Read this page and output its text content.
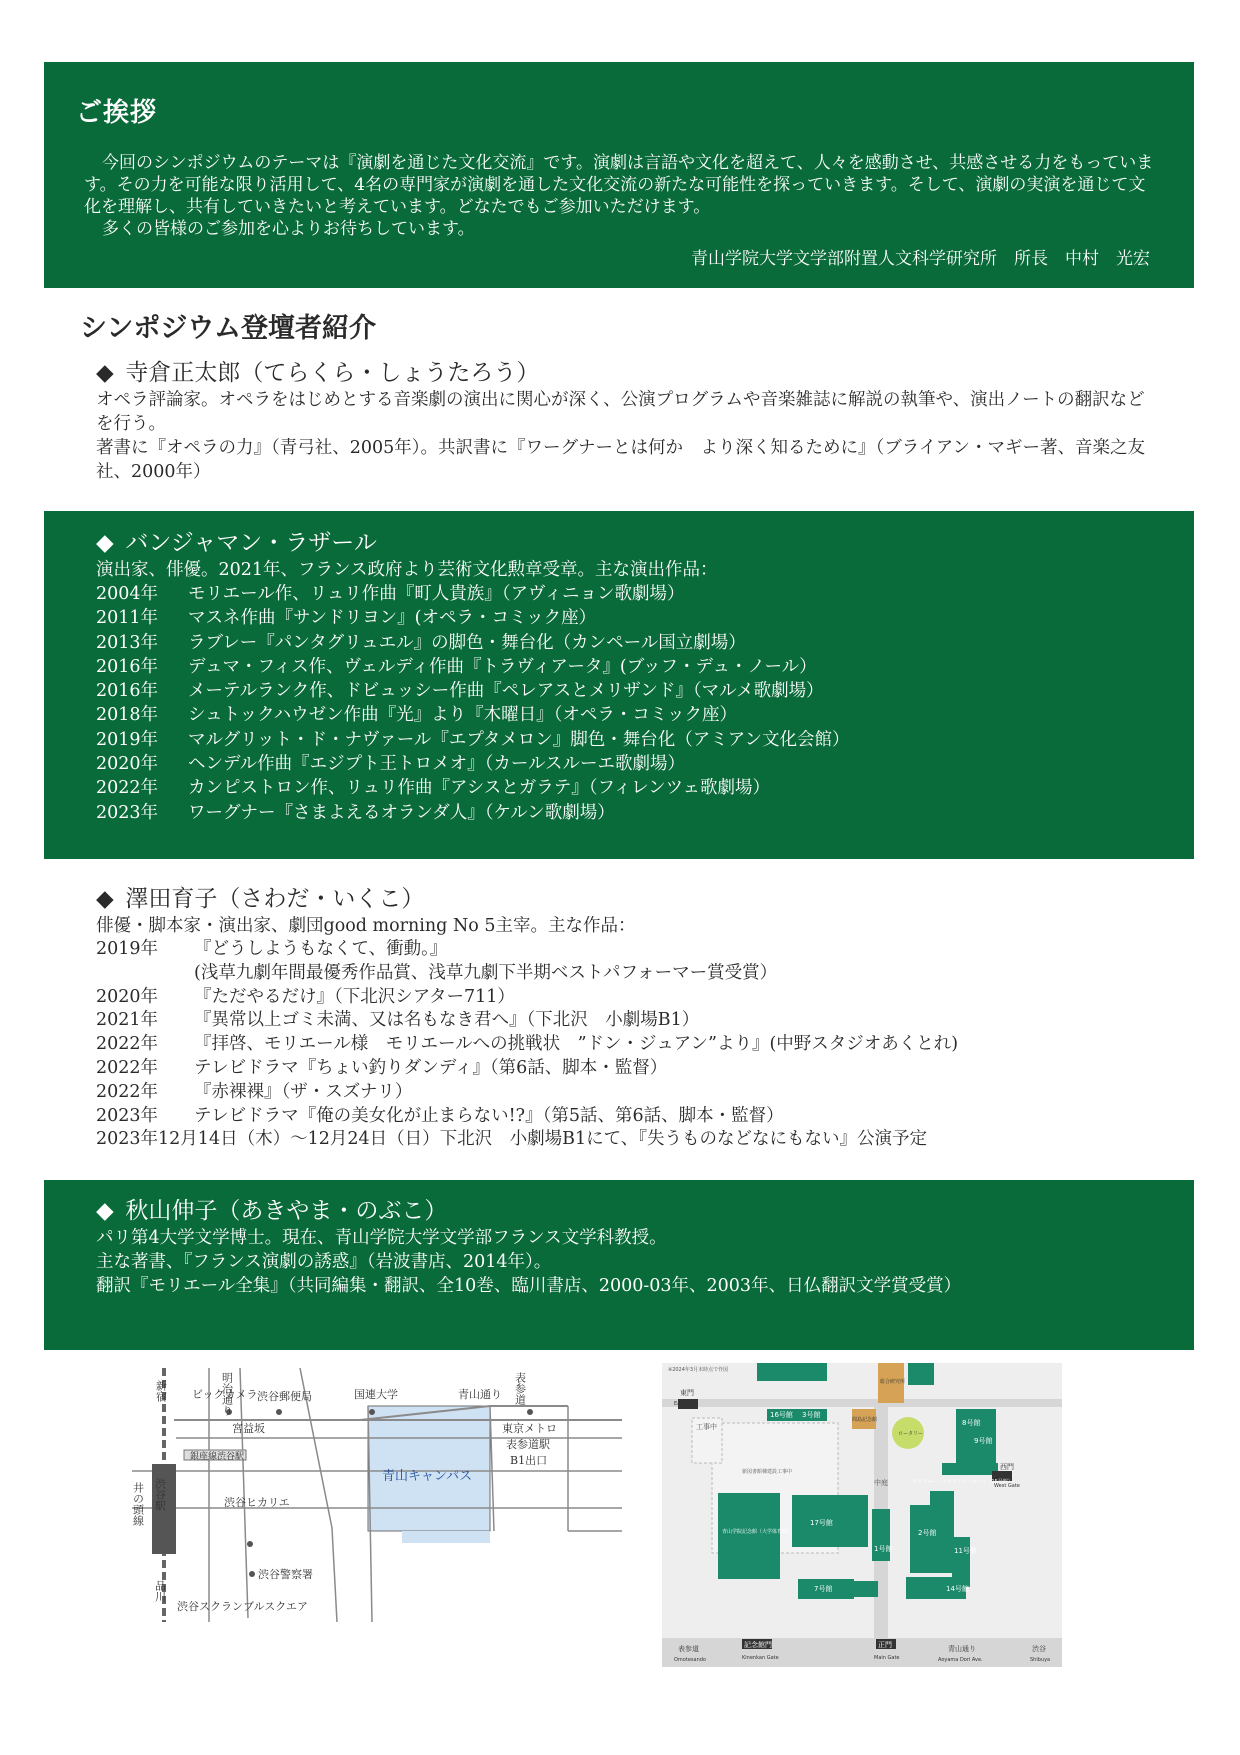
ご挨拶

今回のシンポジウムのテーマは『演劇を通じた文化交流』です。演劇は言語や文化を超えて、人々を感動させ、共感させる力をもっています。その力を可能な限り活用して、4名の専門家が演劇を通した文化交流の新たな可能性を探っていきます。そして、演劇の実演を通じて文化を理解し、共有していきたいと考えています。どなたでもご参加いただけます。

多くの皆様のご参加を心よりお待ちしています。

青山学院大学文学部附置人文科学研究所　所長　中村　光宏
シンポジウム登壇者紹介
◆ 寺倉正太郎（てらくら・しょうたろう）

オペラ評論家。オペラをはじめとする音楽劇の演出に関心が深く、公演プログラムや音楽雑誌に解説の執筆や、演出ノートの翻訳などを行う。

著書に『オペラの力』（青弓社、2005年）。共訳書に『ワーグナーとは何か　より深く知るために』（ブライアン・マギー著、音楽之友社、2000年）

◆ バンジャマン・ラザール

演出家、俳優。2021年、フランス政府より芸術文化勲章受章。主な演出作品：

2004年 モリエール作、リュリ作曲『町人貴族』（アヴィニョン歌劇場）
2011年 マスネ作曲『サンドリヨン』(オペラ・コミック座）
2013年 ラブレー『パンタグリュエル』の脚色・舞台化（カンペール国立劇場）
2016年 デュマ・フィス作、ヴェルディ作曲『トラヴィアータ』(ブッフ・デュ・ノール）
2016年 メーテルランク作、ドビュッシー作曲『ペレアスとメリザンド』（マルメ歌劇場）
2018年 シュトックハウゼン作曲『光』より『木曜日』（オペラ・コミック座）
2019年 マルグリット・ド・ナヴァール『エプタメロン』脚色・舞台化（アミアン文化会館）
2020年 ヘンデル作曲『エジプト王トロメオ』（カールスルーエ歌劇場）
2022年 カンピストロン作、リュリ作曲『アシスとガラテ』（フィレンツェ歌劇場）
2023年 ワーグナー『さまよえるオランダ人』（ケルン歌劇場）
◆ 澤田育子（さわだ・いくこ）

俳優・脚本家・演出家、劇団good morning No 5主宰。主な作品：

2019年 『どうしようもなくて、衝動。』
(浅草九劇年間最優秀作品賞、浅草九劇下半期ベストパフォーマー賞受賞）
2020年 『ただやるだけ』（下北沢シアター711）
2021年 『異常以上ゴミ未満、又は名もなき君へ』（下北沢　小劇場B1）
2022年 『拝啓、モリエール様　モリエールへの挑戦状　”ドン・ジュアン”より』(中野スタジオあくとれ)
2022年 テレビドラマ『ちょい釣りダンディ』（第6話、脚本・監督）
2022年 『赤裸裸』（ザ・スズナリ）
2023年 テレビドラマ『俺の美女化が止まらない!?』（第5話、第6話、脚本・監督）
2023年12月14日（木）～12月24日（日）下北沢　小劇場B1にて、『失うものなどなにもない』公演予定
◆ 秋山伸子（あきやま・のぶこ）

パリ第4大学文学博士。現在、青山学院大学文学部フランス文学科教授。

主な著書、『フランス演劇の誘惑』（岩波書店、2014年）。

翻訳『モリエール全集』（共同編集・翻訳、全10巻、臨川書店、2000-03年、2003年、日仏翻訳文学賞受賞）

新宿	明治通り
ビックカメラ 渋谷郵便局
宮益坂
国連大学	青山通り 表参道
東京メトロ
表参道駅
B1出口
銀座線渋谷駅
渋谷駅
井の頭線	渋谷ヒカリエ
青山キャンパス
渋谷警察署
品川
渋谷スクランブルスクエア
※2024年3月末時点で作図
東門
East Gate
西門
West Gate
正門
Main Gate
記念館門
Kinenkan Gate
表参道
Omotesando
青山通り
Aoyama Dori Ave.
渋谷
Shibuya
工事中
新図書館棟建設工事中
青山学院記念館（大学体育館）
17号館
16号館 3号館
8号館
9号館
2号館
1号館
7号館
11号館
14号館
ガウチャー・メモリアル・ホール（15号館）
ロータリー
中庭
総合研究所
間島記念館
